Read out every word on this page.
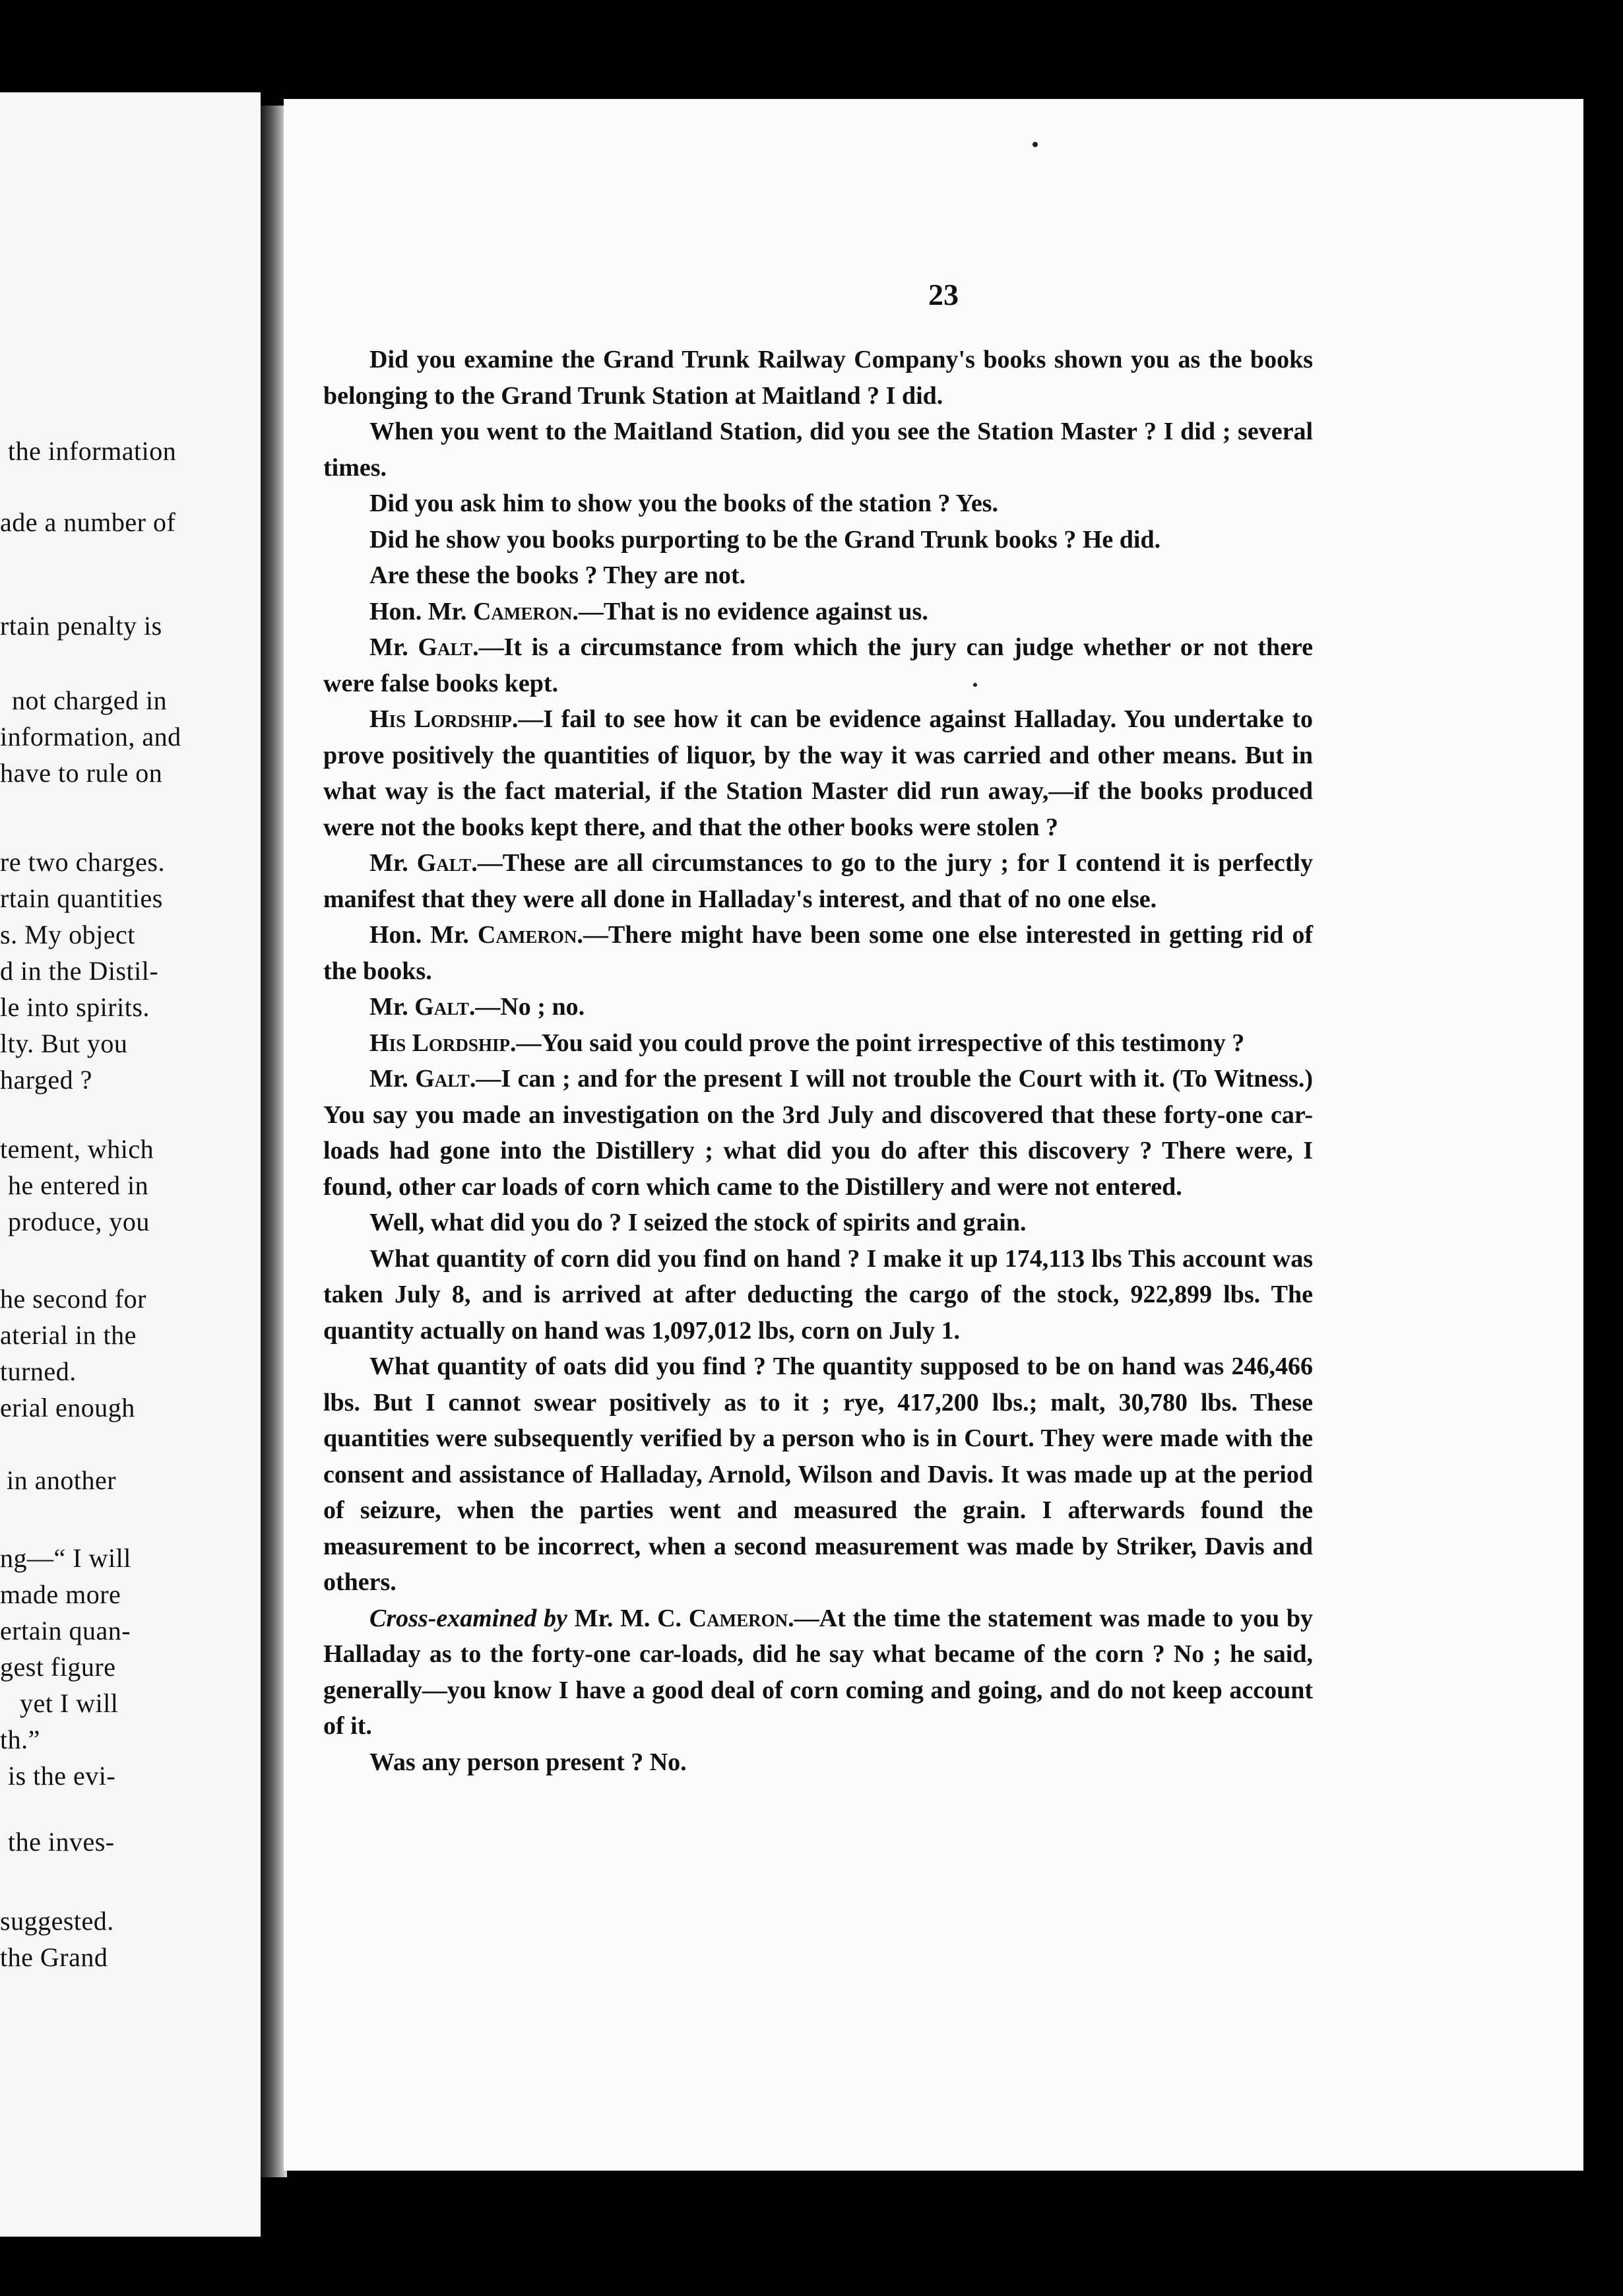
the information
ade a number of
rtain penalty is
not charged in
information, and
have to rule on
re two charges.
rtain quantities
s. My object
d in the Distil-
le into spirits.
lty. But you
harged ?
tement, which
he entered in
produce, you
he second for
aterial in the
turned.
erial enough
in another
ng—“ I will
made more
ertain quan-
gest figure
yet I will
th.”
is the evi-
the inves-
suggested.
the Grand
23

Did you examine the Grand Trunk Railway Company's books shown you as the books belonging to the Grand Trunk Station at Maitland ? I did.

When you went to the Maitland Station, did you see the Station Master ? I did ; several times.

Did you ask him to show you the books of the station ? Yes.

Did he show you books purporting to be the Grand Trunk books ? He did.

Are these the books ? They are not.

Hon. Mr. Cameron.—That is no evidence against us.

Mr. Galt.—It is a circumstance from which the jury can judge whether or not there were false books kept.

His Lordship.—I fail to see how it can be evidence against Halladay. You undertake to prove positively the quantities of liquor, by the way it was carried and other means. But in what way is the fact material, if the Station Master did run away,—if the books produced were not the books kept there, and that the other books were stolen ?

Mr. Galt.—These are all circumstances to go to the jury ; for I contend it is perfectly manifest that they were all done in Halladay's interest, and that of no one else.

Hon. Mr. Cameron.—There might have been some one else interested in getting rid of the books.

Mr. Galt.—No ; no.

His Lordship.—You said you could prove the point irrespective of this testimony ?

Mr. Galt.—I can ; and for the present I will not trouble the Court with it. (To Witness.) You say you made an investigation on the 3rd July and discovered that these forty-one car-loads had gone into the Distillery ; what did you do after this discovery ? There were, I found, other car loads of corn which came to the Distillery and were not entered.

Well, what did you do ? I seized the stock of spirits and grain.

What quantity of corn did you find on hand ? I make it up 174,113 lbs This account was taken July 8, and is arrived at after deducting the cargo of the stock, 922,899 lbs. The quantity actually on hand was 1,097,012 lbs, corn on July 1.

What quantity of oats did you find ? The quantity supposed to be on hand was 246,466 lbs. But I cannot swear positively as to it ; rye, 417,200 lbs.; malt, 30,780 lbs. These quantities were subsequently verified by a person who is in Court. They were made with the consent and assistance of Halladay, Arnold, Wilson and Davis. It was made up at the period of seizure, when the parties went and measured the grain. I afterwards found the measurement to be incorrect, when a second measurement was made by Striker, Davis and others.

Cross-examined by Mr. M. C. Cameron.—At the time the statement was made to you by Halladay as to the forty-one car-loads, did he say what became of the corn ? No ; he said, generally—you know I have a good deal of corn coming and going, and do not keep account of it.

Was any person present ? No.
